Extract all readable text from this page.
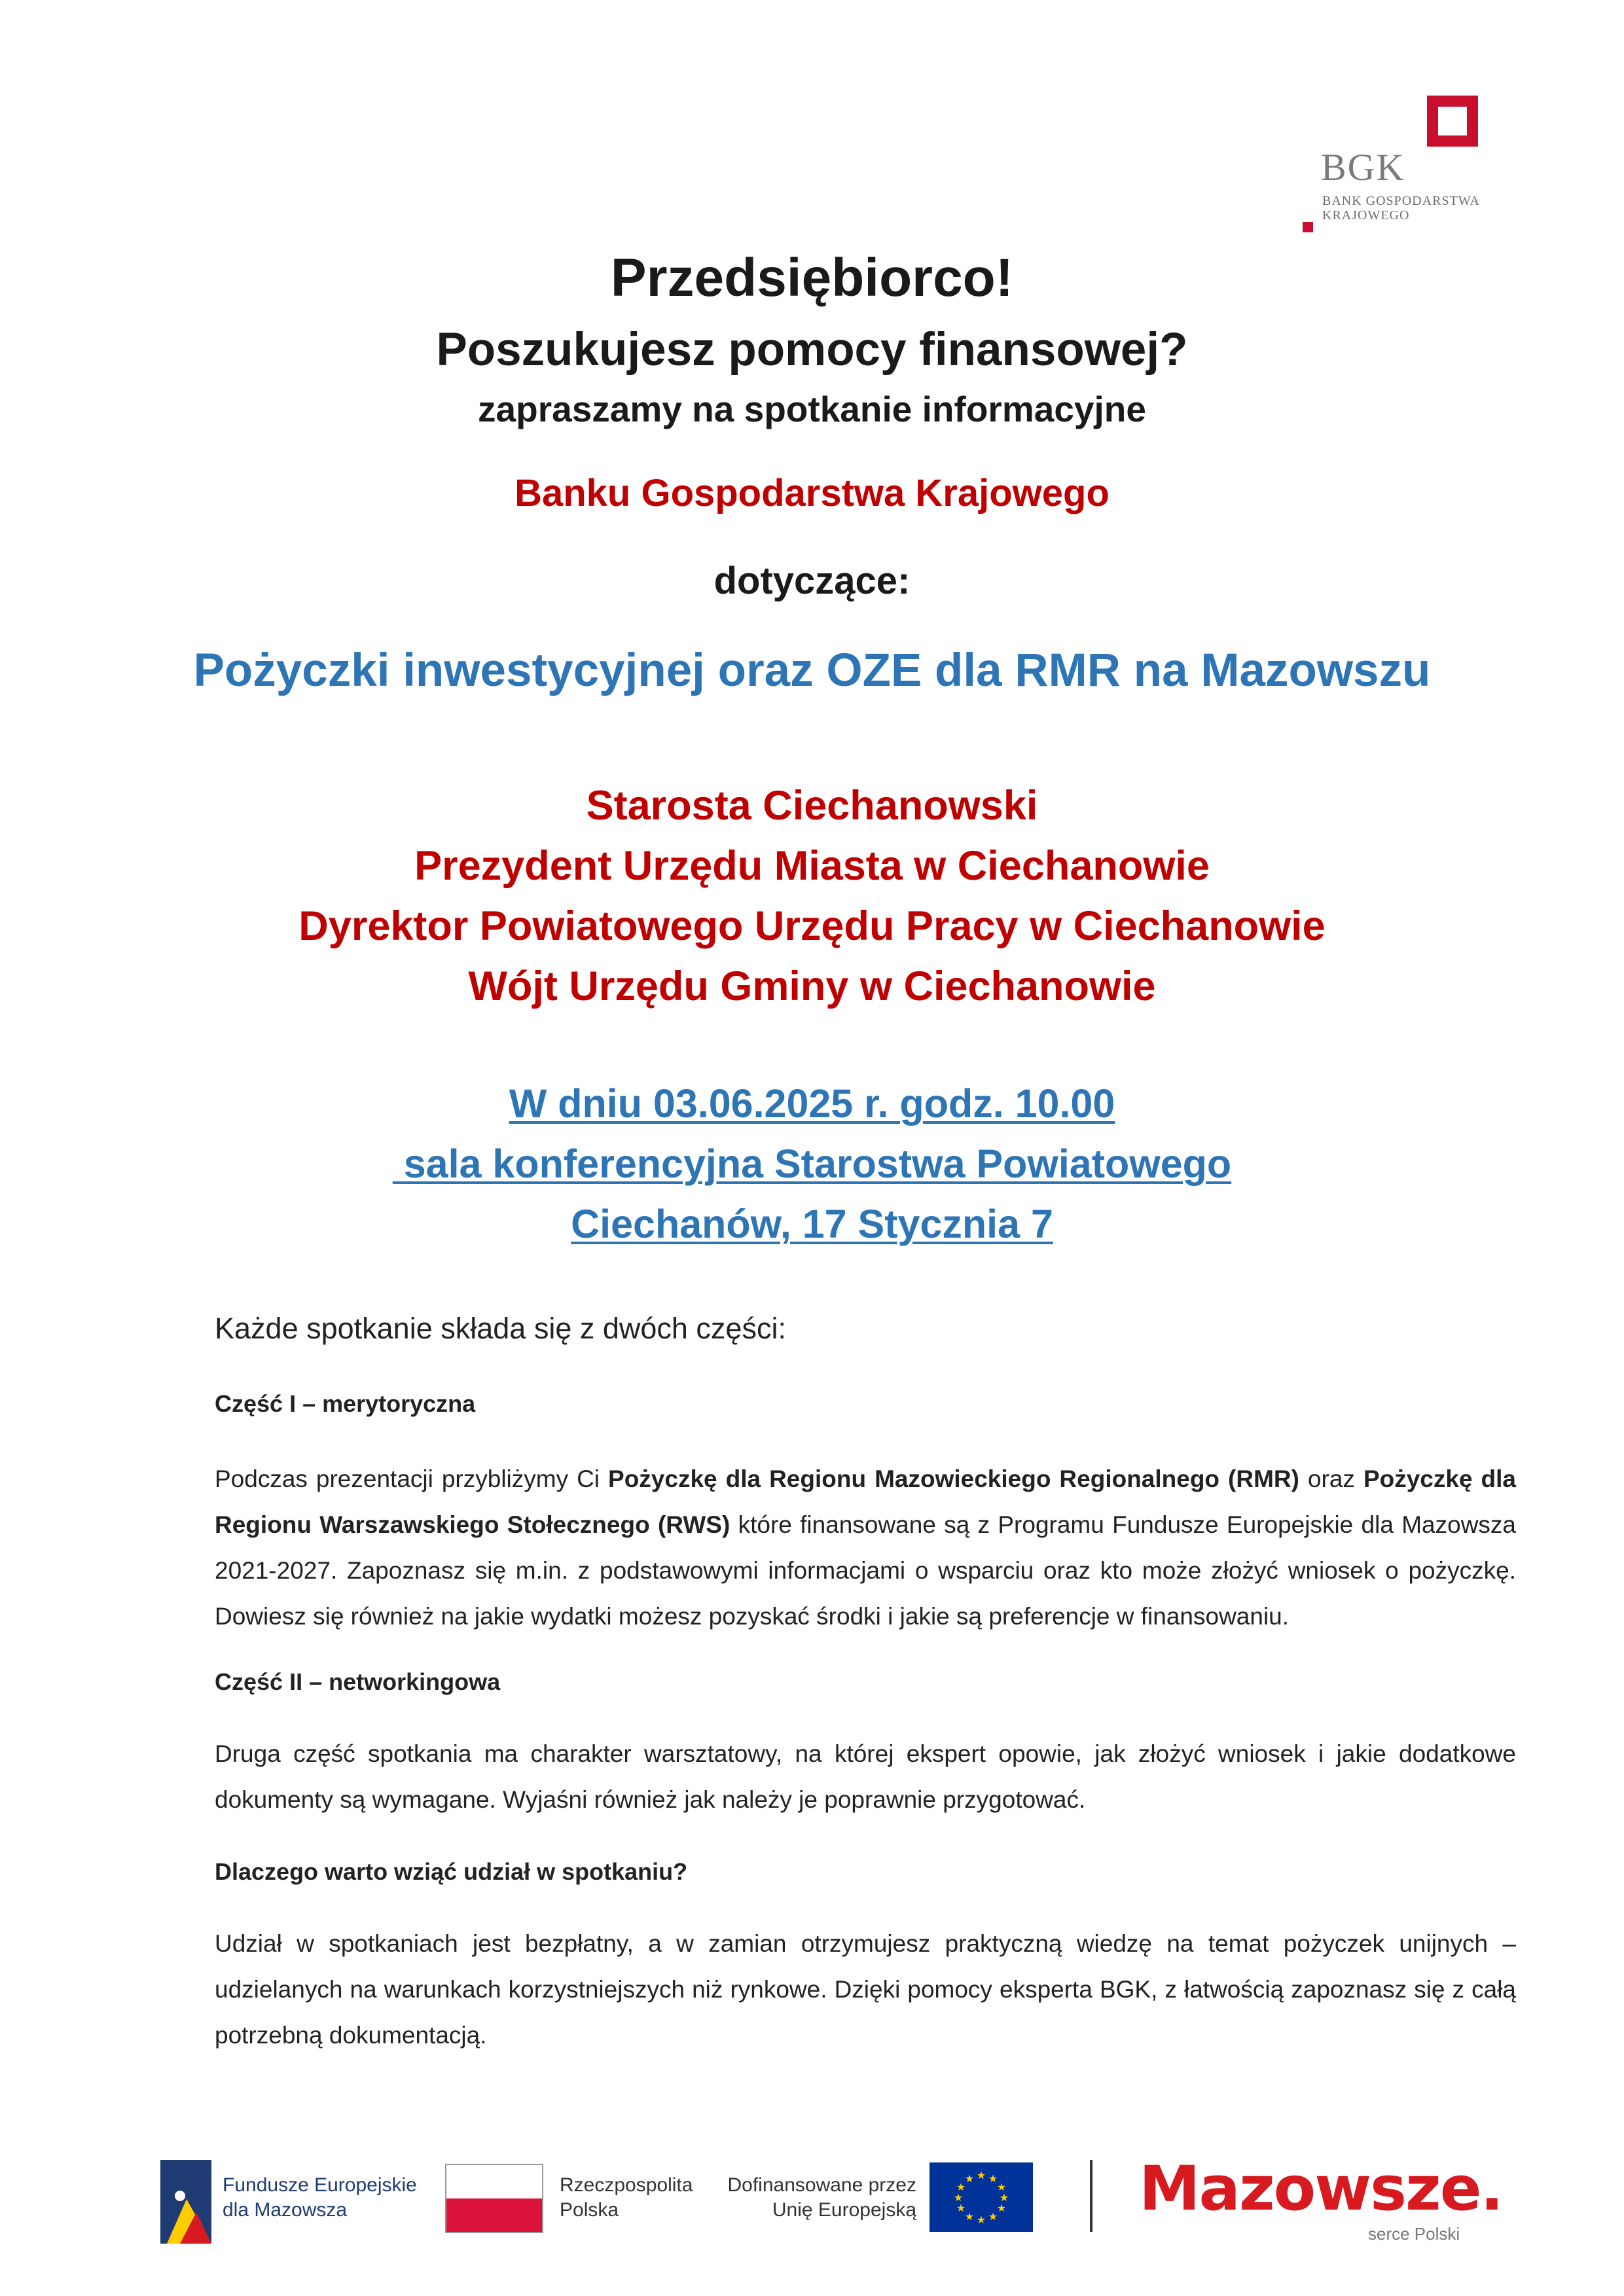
BGK
BANK GOSPODARSTWA
KRAJOWEGO
Przedsiębiorco!
Poszukujesz pomocy finansowej?
zapraszamy na spotkanie informacyjne
Banku Gospodarstwa Krajowego
dotyczące:
Pożyczki inwestycyjnej oraz OZE dla RMR na Mazowszu
Starosta Ciechanowski
Prezydent Urzędu Miasta w Ciechanowie
Dyrektor Powiatowego Urzędu Pracy w Ciechanowie
Wójt Urzędu Gminy w Ciechanowie
W dniu 03.06.2025 r. godz. 10.00
sala konferencyjna Starostwa Powiatowego
Ciechanów, 17 Stycznia 7
Każde spotkanie składa się z dwóch części:
Część I – merytoryczna
Podczas prezentacji przybliżymy Ci Pożyczkę dla Regionu Mazowieckiego Regionalnego (RMR) oraz Pożyczkę dla Regionu Warszawskiego Stołecznego (RWS) które finansowane są z Programu Fundusze Europejskie dla Mazowsza 2021-2027. Zapoznasz się m.in. z podstawowymi informacjami o wsparciu oraz kto może złożyć wniosek o pożyczkę. Dowiesz się również na jakie wydatki możesz pozyskać środki i jakie są preferencje w finansowaniu.
Część II – networkingowa
Druga część spotkania ma charakter warsztatowy, na której ekspert opowie, jak złożyć wniosek i jakie dodatkowe dokumenty są wymagane. Wyjaśni również jak należy je poprawnie przygotować.
Dlaczego warto wziąć udział w spotkaniu?
Udział w spotkaniach jest bezpłatny, a w zamian otrzymujesz praktyczną wiedzę na temat pożyczek unijnych – udzielanych na warunkach korzystniejszych niż rynkowe. Dzięki pomocy eksperta BGK, z łatwością zapoznasz się z całą potrzebną dokumentacją.
Fundusze Europejskie
dla Mazowsza
Rzeczpospolita
Polska
Dofinansowane przez
Unię Europejską
★ ★
★
★
★
★
★
★
★
★
★
★	Mazowsze.
serce Polski
